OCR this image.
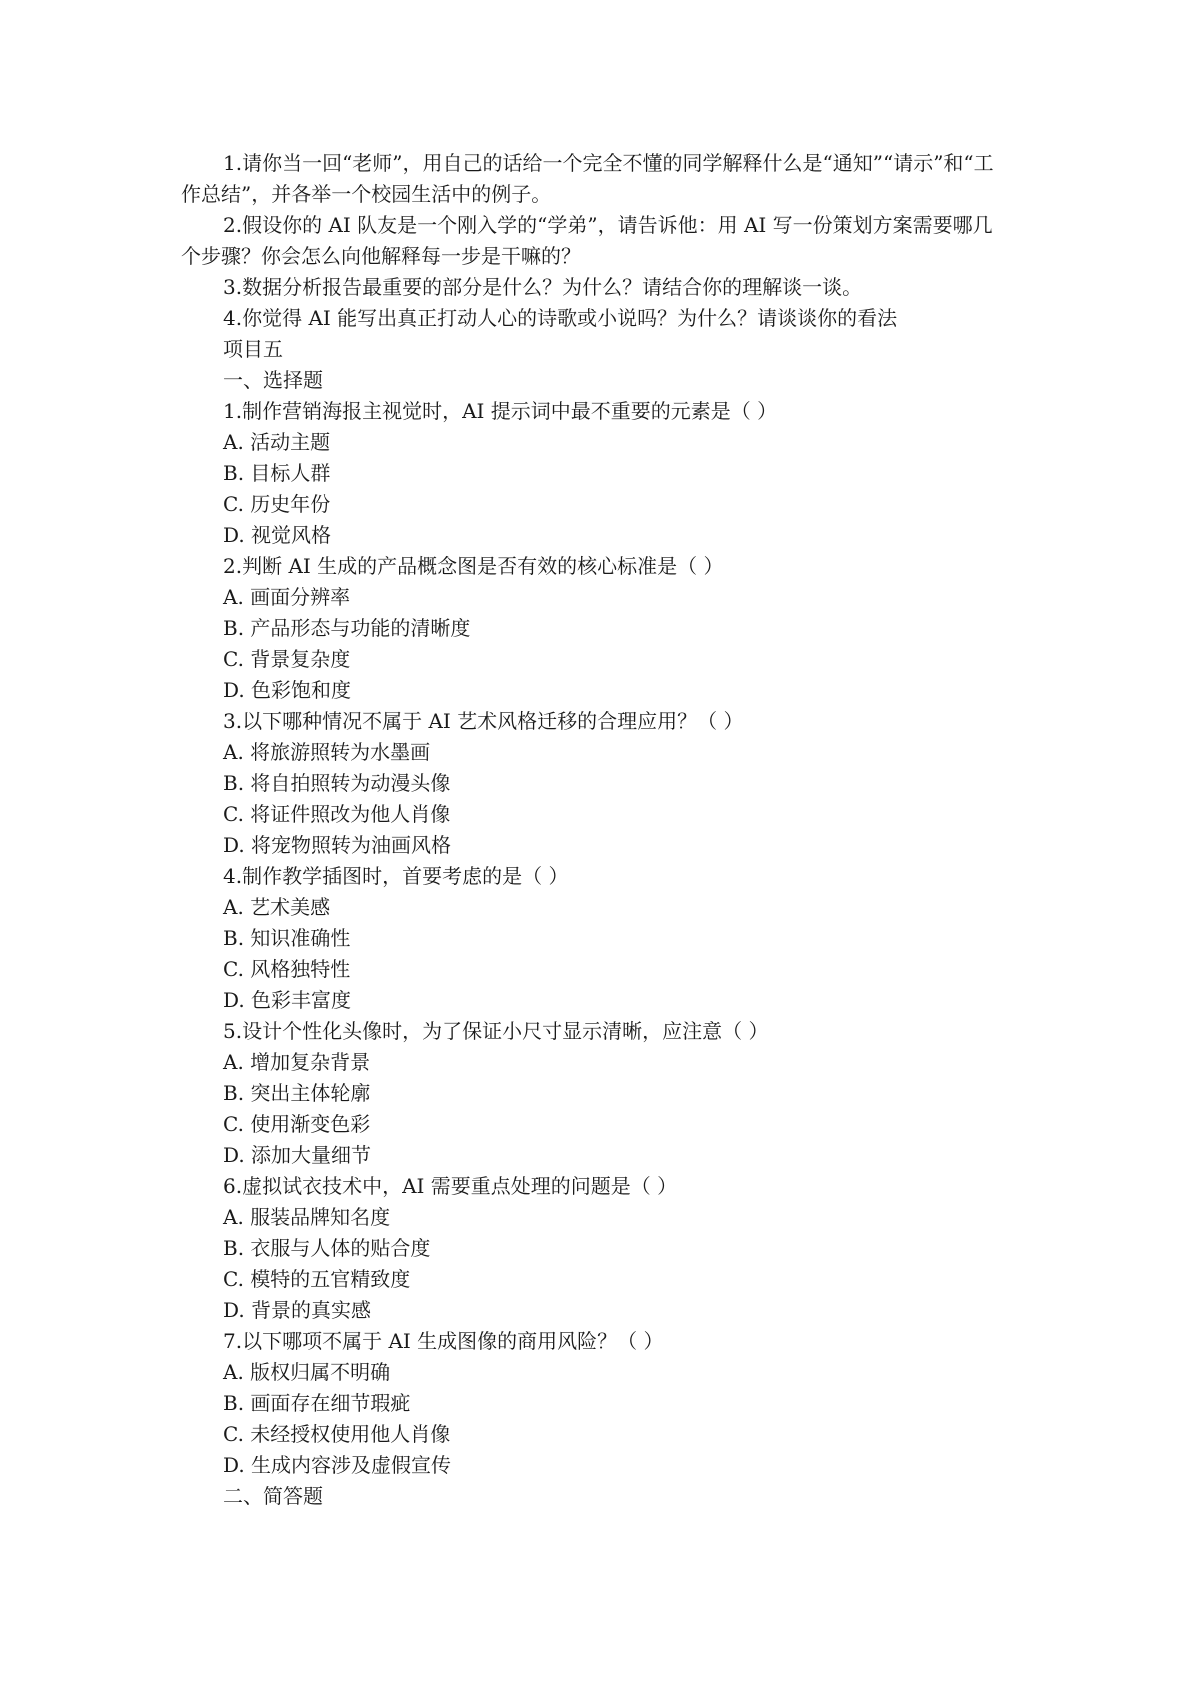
1.请你当一回“老师”，用自己的话给一个完全不懂的同学解释什么是“通知”“请示”和“工作总结”，并各举一个校园生活中的例子。

2.假设你的 AI 队友是一个刚入学的“学弟”，请告诉他：用 AI 写一份策划方案需要哪几个步骤？你会怎么向他解释每一步是干嘛的？

3.数据分析报告最重要的部分是什么？为什么？请结合你的理解谈一谈。

4.你觉得 AI 能写出真正打动人心的诗歌或小说吗？为什么？请谈谈你的看法

项目五

一、选择题

1.制作营销海报主视觉时，AI 提示词中最不重要的元素是（ ）

A. 活动主题

B. 目标人群

C. 历史年份

D. 视觉风格

2.判断 AI 生成的产品概念图是否有效的核心标准是（ ）

A. 画面分辨率

B. 产品形态与功能的清晰度

C. 背景复杂度

D. 色彩饱和度

3.以下哪种情况不属于 AI 艺术风格迁移的合理应用？（ ）

A. 将旅游照转为水墨画

B. 将自拍照转为动漫头像

C. 将证件照改为他人肖像

D. 将宠物照转为油画风格

4.制作教学插图时，首要考虑的是（ ）

A. 艺术美感

B. 知识准确性

C. 风格独特性

D. 色彩丰富度

5.设计个性化头像时，为了保证小尺寸显示清晰，应注意（ ）

A. 增加复杂背景

B. 突出主体轮廓

C. 使用渐变色彩

D. 添加大量细节

6.虚拟试衣技术中，AI 需要重点处理的问题是（ ）

A. 服装品牌知名度

B. 衣服与人体的贴合度

C. 模特的五官精致度

D. 背景的真实感

7.以下哪项不属于 AI 生成图像的商用风险？（ ）

A. 版权归属不明确

B. 画面存在细节瑕疵

C. 未经授权使用他人肖像

D. 生成内容涉及虚假宣传

二、简答题
